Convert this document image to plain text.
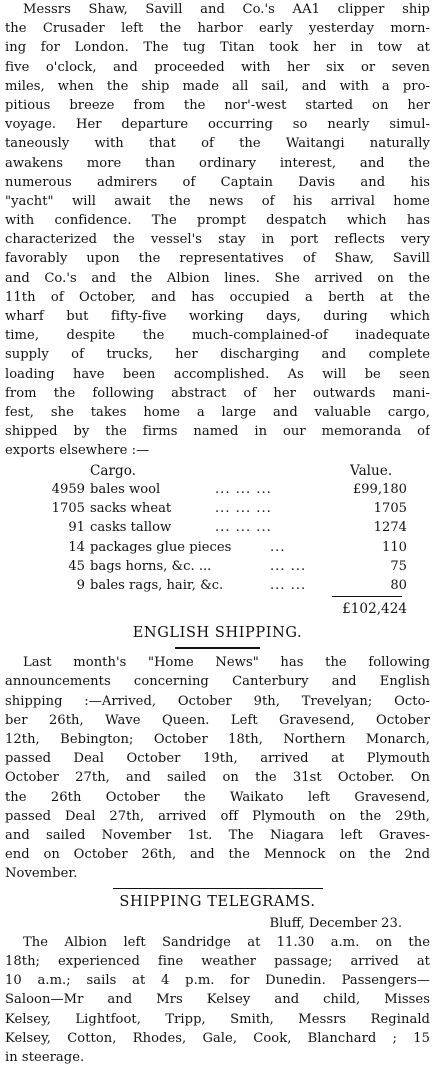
Messrs Shaw, Savill and Co.'s AA1 clipper ship
the Crusader left the harbor early yesterday morn-
ing for London. The tug Titan took her in tow at
five o'clock, and proceeded with her six or seven
miles, when the ship made all sail, and with a pro-
pitious breeze from the nor'-west started on her
voyage. Her departure occurring so nearly simul-
taneously with that of the Waitangi naturally
awakens more than ordinary interest, and the
numerous admirers of Captain Davis and his
"yacht" will await the news of his arrival home
with confidence. The prompt despatch which has
characterized the vessel's stay in port reflects very
favorably upon the representatives of Shaw, Savill
and Co.'s and the Albion lines. She arrived on the
11th of October, and has occupied a berth at the
wharf but fifty-five working days, during which
time, despite the much-complained-of inadequate
supply of trucks, her discharging and complete
loading have been accomplished. As will be seen
from the following abstract of her outwards mani-
fest, she takes home a large and valuable cargo,
shipped by the firms named in our memoranda of
exports elsewhere :—
Cargo.	Value.
4959 bales wool	... ... ...	£99,180
1705 sacks wheat	... ... ...	1705
91 casks tallow	... ... ...	1274
14 packages glue pieces	...	110
45 bags horns, &c. ...	... ...	75
9 bales rags, hair, &c.	... ...	80
£102,424
ENGLISH SHIPPING.
Last month's "Home News" has the following
announcements concerning Canterbury and English
shipping :—Arrived, October 9th, Trevelyan; Octo-
ber 26th, Wave Queen. Left Gravesend, October
12th, Bebington; October 18th, Northern Monarch,
passed Deal October 19th, arrived at Plymouth
October 27th, and sailed on the 31st October. On
the 26th October the Waikato left Gravesend,
passed Deal 27th, arrived off Plymouth on the 29th,
and sailed November 1st. The Niagara left Graves-
end on October 26th, and the Mennock on the 2nd
November.
SHIPPING TELEGRAMS.
Bluff, December 23.
The Albion left Sandridge at 11.30 a.m. on the
18th; experienced fine weather passage; arrived at
10 a.m.; sails at 4 p.m. for Dunedin. Passengers—
Saloon—Mr and Mrs Kelsey and child, Misses
Kelsey, Lightfoot, Tripp, Smith, Messrs Reginald
Kelsey, Cotton, Rhodes, Gale, Cook, Blanchard ; 15
in steerage.
